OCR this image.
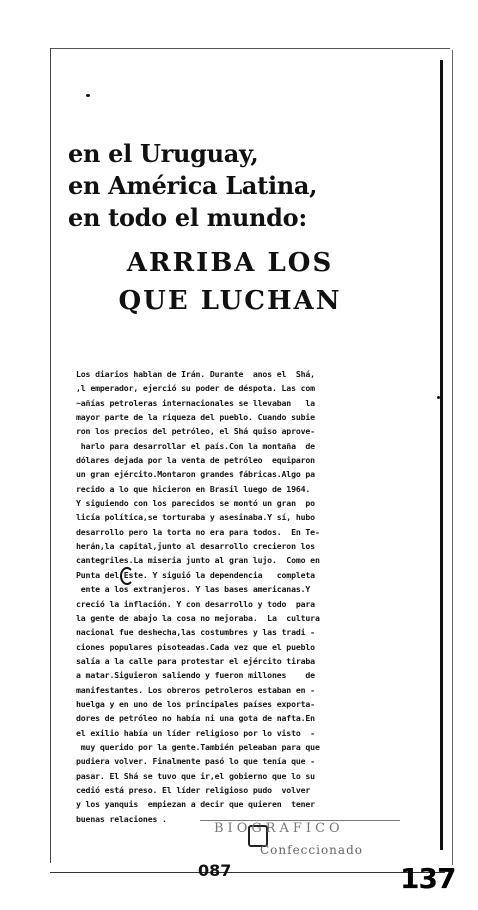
en el Uruguay,
en América Latina,
en todo el mundo:
ARRIBA LOS
QUE LUCHAN
Los diarios hablan de Irán. Durante  anos el  Shá,
,l emperador, ejerció su poder de déspota. Las com
~añías petroleras internacionales se llevaban   la
mayor parte de la riqueza del pueblo. Cuando subie
ron los precios del petróleo, el Shá quiso aprove-
harlo para desarrollar el país.Con la montaña  de
dólares dejada por la venta de petróleo  equiparon
un gran ejército.Montaron grandes fábricas.Algo pa
recido a lo que hicieron en Brasil luego de 1964.
Y siguiendo con los parecidos se montó un gran  po
licía política,se torturaba y asesinaba.Y sí, hubo
desarrollo pero la torta no era para todos.  En Te-
herán,la capital,junto al desarrollo crecieron los
cantegriles.La miseria junto al gran lujo.  Como en
Punta del Este. Y siguió la dependencia   completa
ente a los extranjeros. Y las bases americanas.Y
creció la inflación. Y con desarrollo y todo  para
la gente de abajo la cosa no mejoraba.  La  cultura
nacional fue deshecha,las costumbres y las tradi -
ciones populares pisoteadas.Cada vez que el pueblo
salía a la calle para protestar el ejército tiraba
a matar.Siguieron saliendo y fueron millones    de
manifestantes. Los obreros petroleros estaban en -
huelga y en uno de los principales países exporta-
dores de petróleo no había ni una gota de nafta.En
el exilio había un líder religioso por lo visto  -
muy querido por la gente.También peleaban para que
pudiera volver. Finalmente pasó lo que tenía que -
pasar. El Shá se tuvo que ir,el gobierno que lo su
cedió está preso. El líder religioso pudo  volver
y los yanquis  empiezan a decir que quieren  tener
buenas relaciones .
BIOGRAFICO
Confeccionado
087	137
